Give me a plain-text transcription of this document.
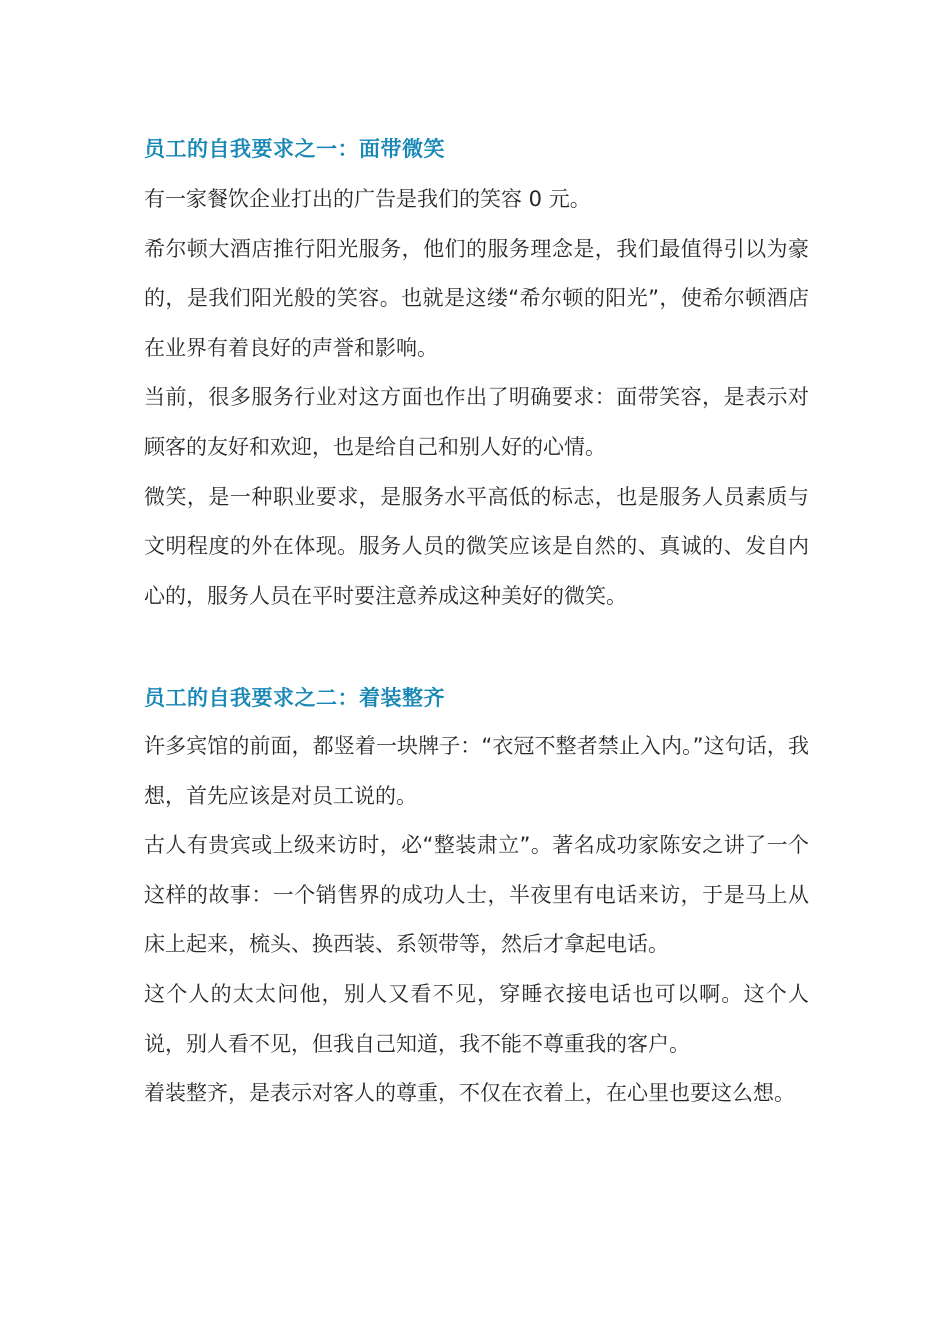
员工的自我要求之一：面带微笑

有一家餐饮企业打出的广告是我们的笑容 0 元。

希尔顿大酒店推行阳光服务，他们的服务理念是，我们最值得引以为豪的，是我们阳光般的笑容。也就是这缕“希尔顿的阳光”，使希尔顿酒店在业界有着良好的声誉和影响。

当前，很多服务行业对这方面也作出了明确要求：面带笑容，是表示对顾客的友好和欢迎，也是给自己和别人好的心情。

微笑，是一种职业要求，是服务水平高低的标志，也是服务人员素质与文明程度的外在体现。服务人员的微笑应该是自然的、真诚的、发自内心的，服务人员在平时要注意养成这种美好的微笑。

员工的自我要求之二：着装整齐

许多宾馆的前面，都竖着一块牌子：“衣冠不整者禁止入内。”这句话，我想，首先应该是对员工说的。

古人有贵宾或上级来访时，必“整装肃立”。著名成功家陈安之讲了一个这样的故事：一个销售界的成功人士，半夜里有电话来访，于是马上从床上起来，梳头、换西装、系领带等，然后才拿起电话。

这个人的太太问他，别人又看不见，穿睡衣接电话也可以啊。这个人说，别人看不见，但我自己知道，我不能不尊重我的客户。

着装整齐，是表示对客人的尊重，不仅在衣着上，在心里也要这么想。
